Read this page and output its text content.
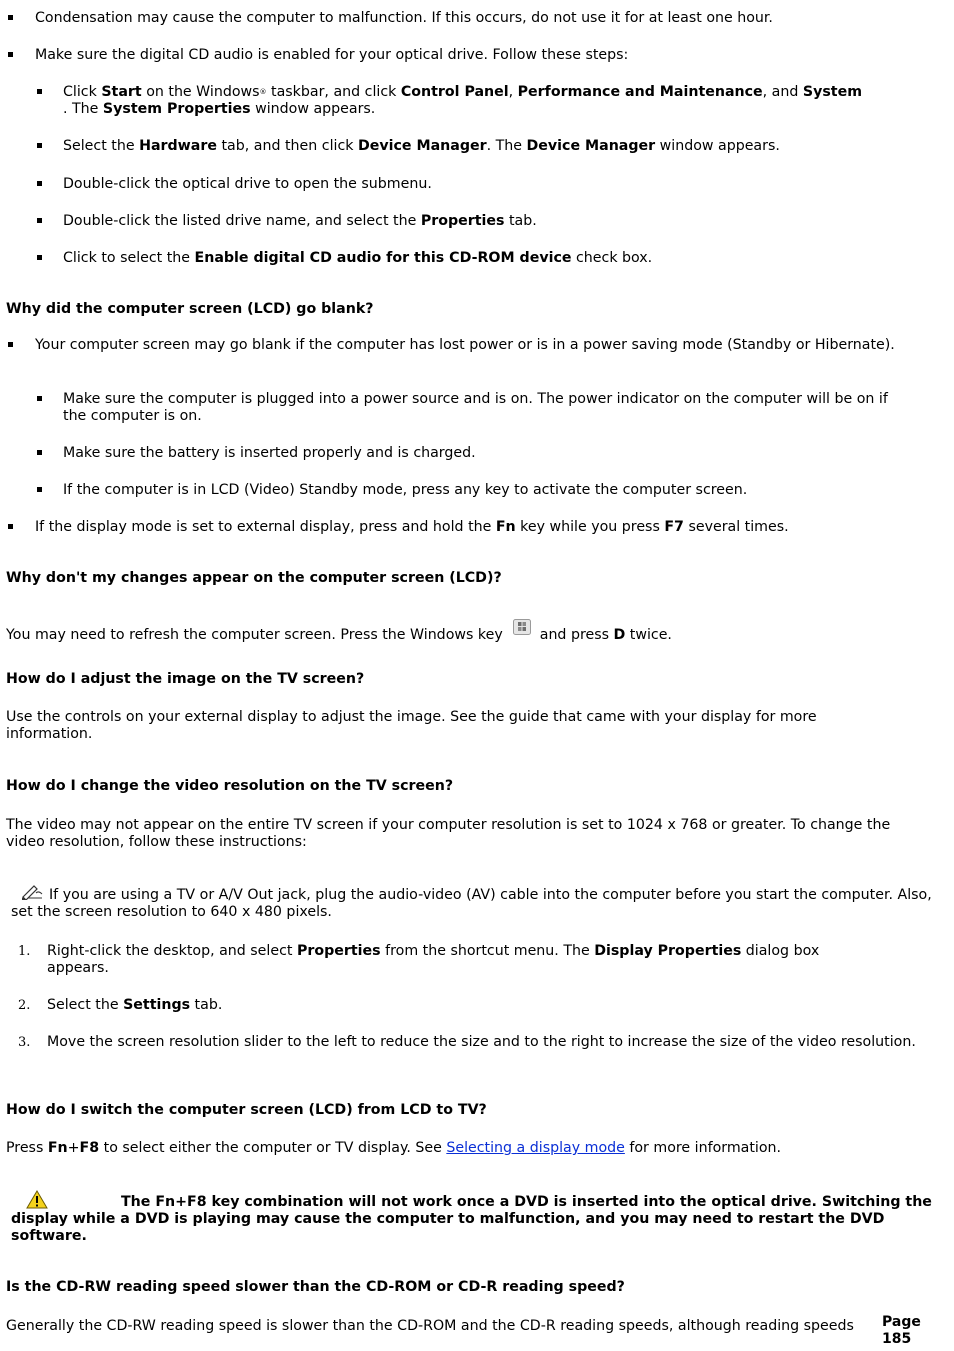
Condensation may cause the computer to malfunction. If this occurs, do not use it for at least one hour.

Make sure the digital CD audio is enabled for your optical drive. Follow these steps:

Click Start on the Windows® taskbar, and click Control Panel, Performance and Maintenance, and System
. The System Properties window appears.

Select the Hardware tab, and then click Device Manager. The Device Manager window appears.

Double-click the optical drive to open the submenu.

Double-click the listed drive name, and select the Properties tab.

Click to select the Enable digital CD audio for this CD-ROM device check box.

Why did the computer screen (LCD) go blank?

Your computer screen may go blank if the computer has lost power or is in a power saving mode (Standby or Hibernate).

Make sure the computer is plugged into a power source and is on. The power indicator on the computer will be on if the computer is on.

Make sure the battery is inserted properly and is charged.

If the computer is in LCD (Video) Standby mode, press any key to activate the computer screen.

If the display mode is set to external display, press and hold the Fn key while you press F7 several times.

Why don't my changes appear on the computer screen (LCD)?

You may need to refresh the computer screen. Press the Windows key  and press D twice.

How do I adjust the image on the TV screen?

Use the controls on your external display to adjust the image. See the guide that came with your display for more information.

How do I change the video resolution on the TV screen?

The video may not appear on the entire TV screen if your computer resolution is set to 1024 x 768 or greater. To change the video resolution, follow these instructions:

If you are using a TV or A/V Out jack, plug the audio-video (AV) cable into the computer before you start the computer. Also, set the screen resolution to 640 x 480 pixels.

1. Right-click the desktop, and select Properties from the shortcut menu. The Display Properties dialog box appears.

2. Select the Settings tab.

3. Move the screen resolution slider to the left to reduce the size and to the right to increase the size of the video resolution.

How do I switch the computer screen (LCD) from LCD to TV?

Press Fn+F8 to select either the computer or TV display. See Selecting a display mode for more information.

The Fn+F8 key combination will not work once a DVD is inserted into the optical drive. Switching the display while a DVD is playing may cause the computer to malfunction, and you may need to restart the DVD software.

Is the CD-RW reading speed slower than the CD-ROM or CD-R reading speed?

Generally the CD-RW reading speed is slower than the CD-ROM and the CD-R reading speeds, although reading speeds	Page 185
